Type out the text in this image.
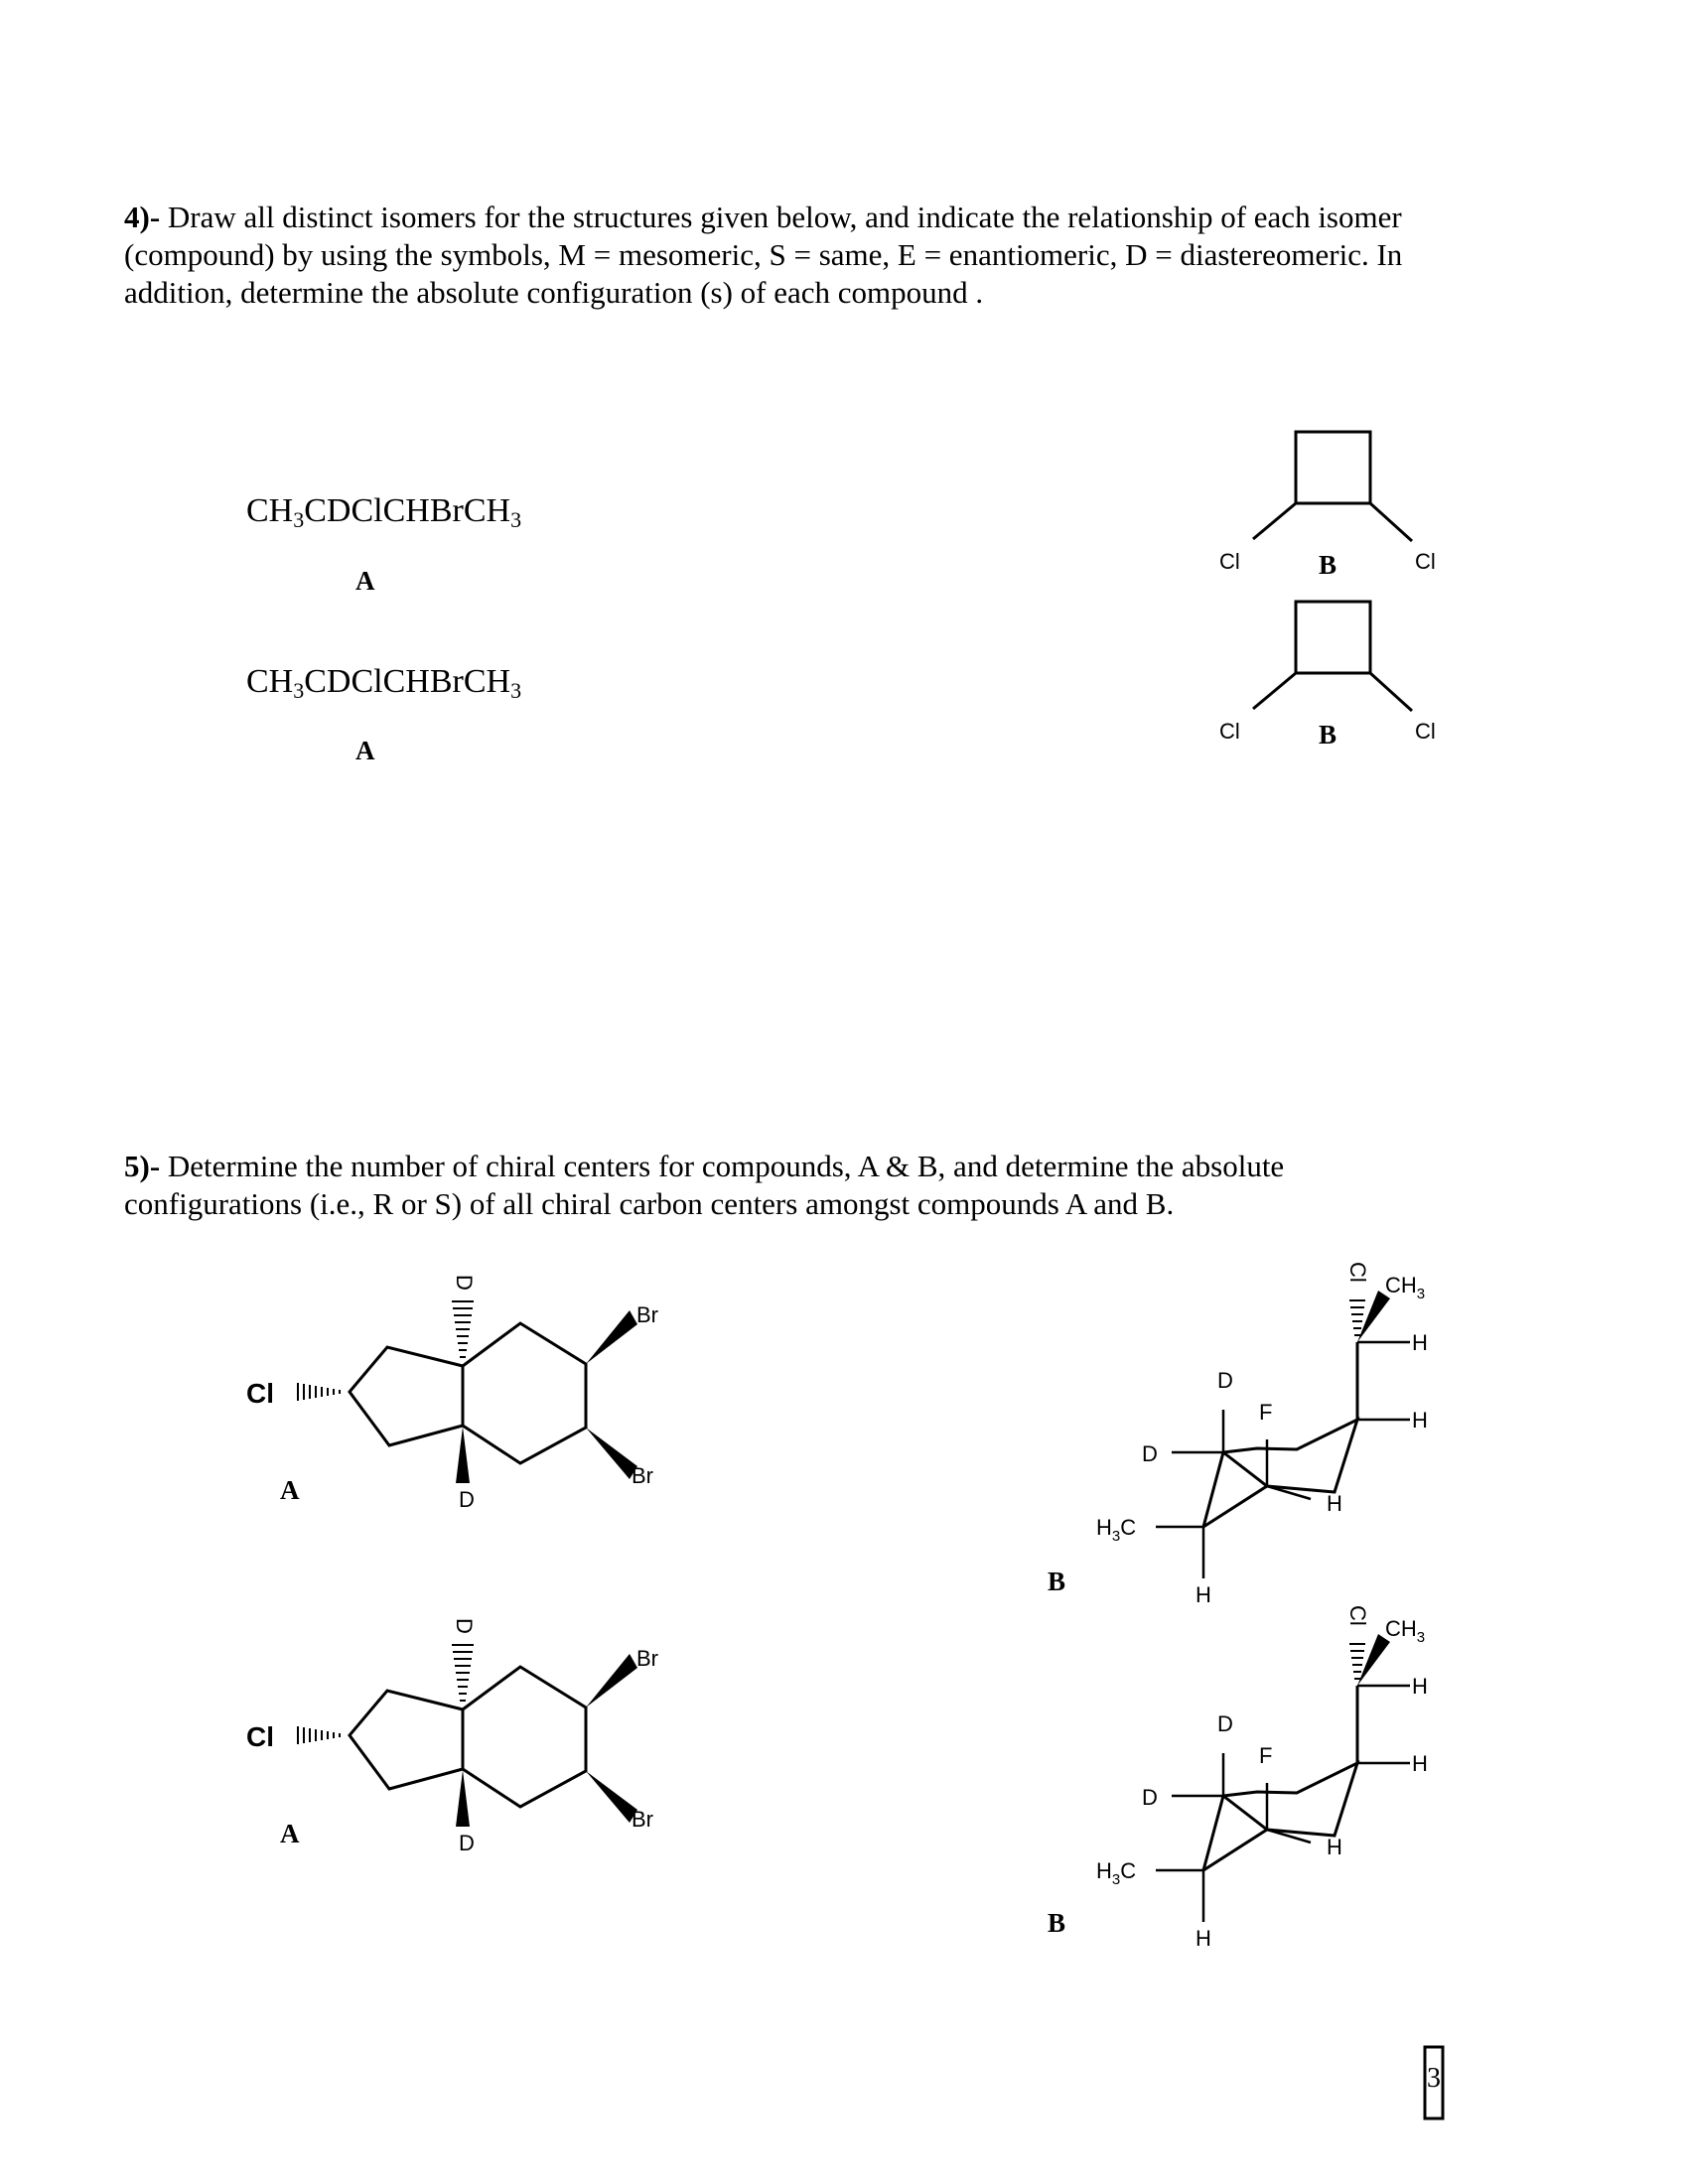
4)- Draw all distinct isomers for the structures given below, and indicate the relationship of each isomer (compound) by using the symbols, M = mesomeric, S = same, E = enantiomeric, D = diastereomeric. In addition, determine the absolute configuration (s) of each compound .
$CH_3CDClCHBrCH_3$
A
$CH_3CDClCHBrCH_3$
A
B
B
5)- Determine the number of chiral centers for compounds, A & B, and determine the absolute configurations (i.e., R or S) of all chiral carbon centers amongst compounds A and B.
A
A
B
B
Cl	Cl
Cl	Cl
Cl
D
D
Br
Br
Cl
D
D
Br
Br
Cl
$CH_3$
H
H
D
F
D
H
$H_3C$
H
Cl
$CH_3$
H
H
D
F
D
H
$H_3C$
H
3
